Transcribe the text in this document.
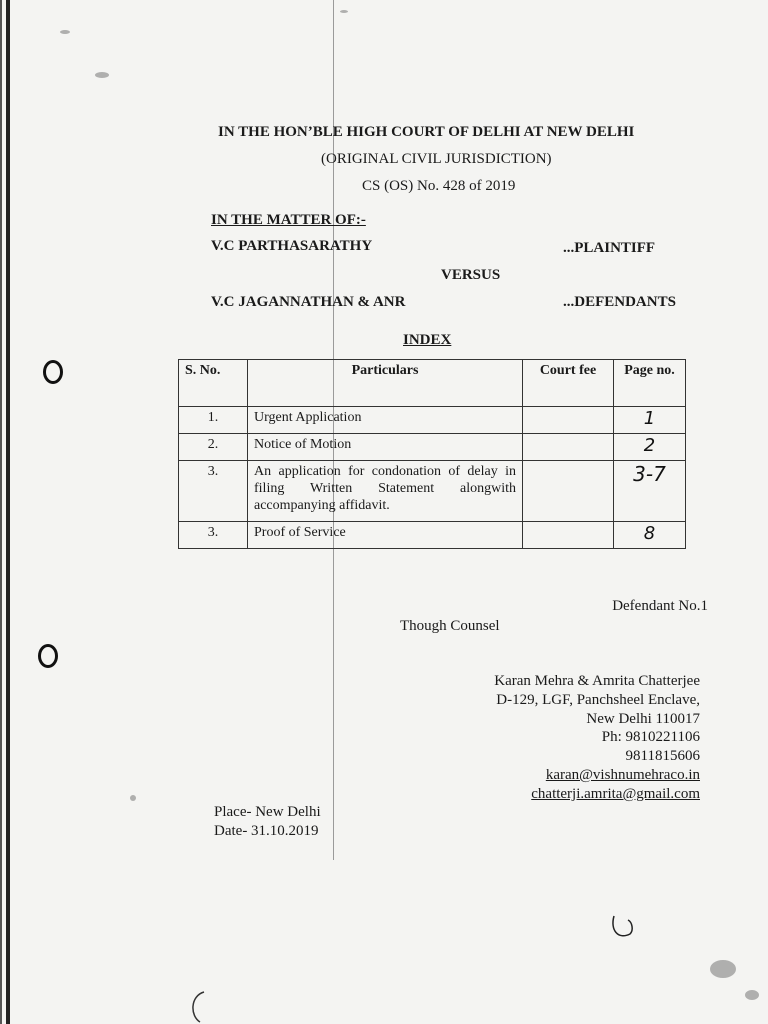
IN THE HON’BLE HIGH COURT OF DELHI AT NEW DELHI
(ORIGINAL CIVIL JURISDICTION)
CS (OS) No. 428 of 2019
IN THE MATTER OF:-
V.C PARTHASARATHY	...PLAINTIFF
VERSUS
V.C JAGANNATHAN & ANR	...DEFENDANTS
INDEX
S. No.	Particulars	Court fee	Page no.
1.	Urgent Application		1
2.	Notice of Motion		2
3.	An application for condonation of delay in filing Written Statement alongwith accompanying affidavit.		3-7
3.	Proof of Service		8
Defendant No.1
Though Counsel
Karan Mehra & Amrita Chatterjee
D-129, LGF, Panchsheel Enclave,
New Delhi 110017
Ph: 9810221106
9811815606
karan@vishnumehraco.in
chatterji.amrita@gmail.com
Place- New Delhi
Date- 31.10.2019
